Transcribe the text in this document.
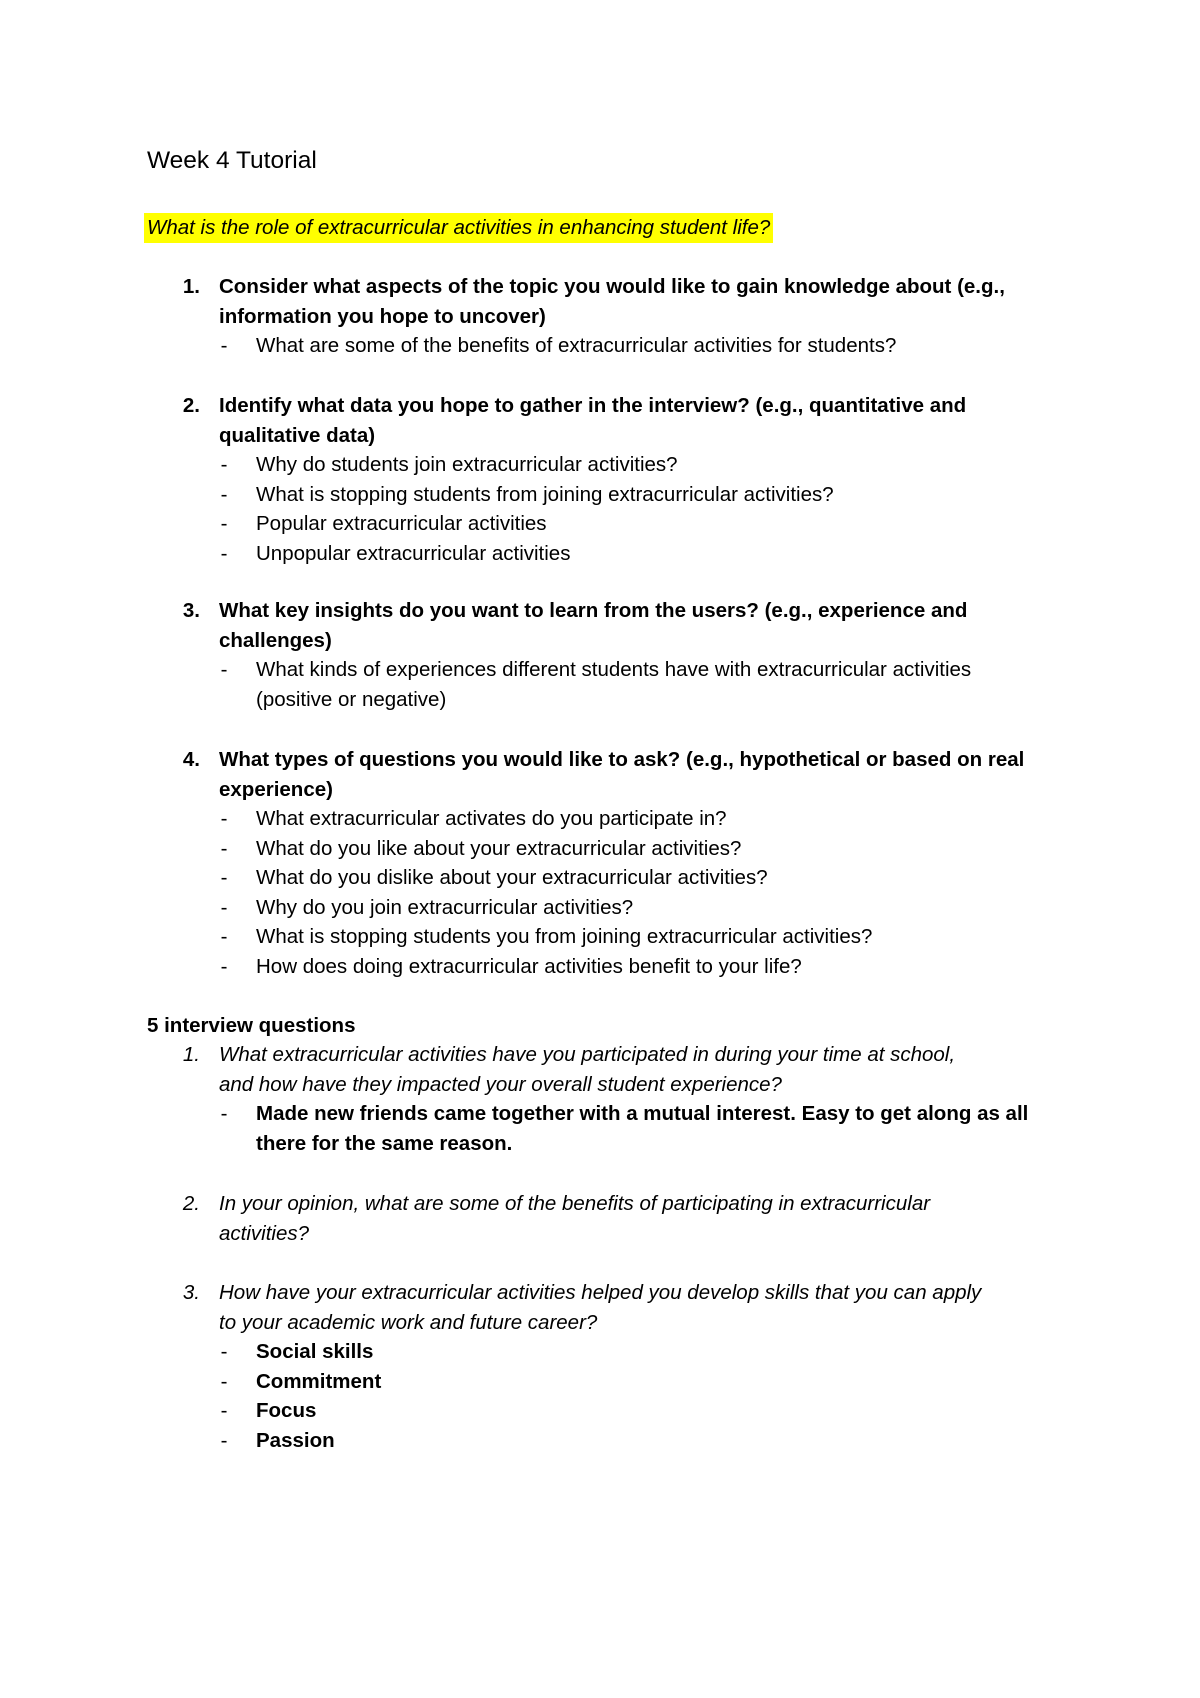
Week 4 Tutorial
What is the role of extracurricular activities in enhancing student life?
1. Consider what aspects of the topic you would like to gain knowledge about (e.g.,
information you hope to uncover)
-	What are some of the benefits of extracurricular activities for students?
2. Identify what data you hope to gather in the interview? (e.g., quantitative and
qualitative data)
-	Why do students join extracurricular activities?
-	What is stopping students from joining extracurricular activities?
-	Popular extracurricular activities
-	Unpopular extracurricular activities
3. What key insights do you want to learn from the users? (e.g., experience and
challenges)
-	What kinds of experiences different students have with extracurricular activities
(positive or negative)
4. What types of questions you would like to ask? (e.g., hypothetical or based on real
experience)
-	What extracurricular activates do you participate in?
-	What do you like about your extracurricular activities?
-	What do you dislike about your extracurricular activities?
-	Why do you join extracurricular activities?
-	What is stopping students you from joining extracurricular activities?
-	How does doing extracurricular activities benefit to your life?
5 interview questions
1. What extracurricular activities have you participated in during your time at school,
and how have they impacted your overall student experience?
-	Made new friends came together with a mutual interest. Easy to get along as all
there for the same reason.
2. In your opinion, what are some of the benefits of participating in extracurricular
activities?
3. How have your extracurricular activities helped you develop skills that you can apply
to your academic work and future career?
-	Social skills
-	Commitment
-	Focus
-	Passion
